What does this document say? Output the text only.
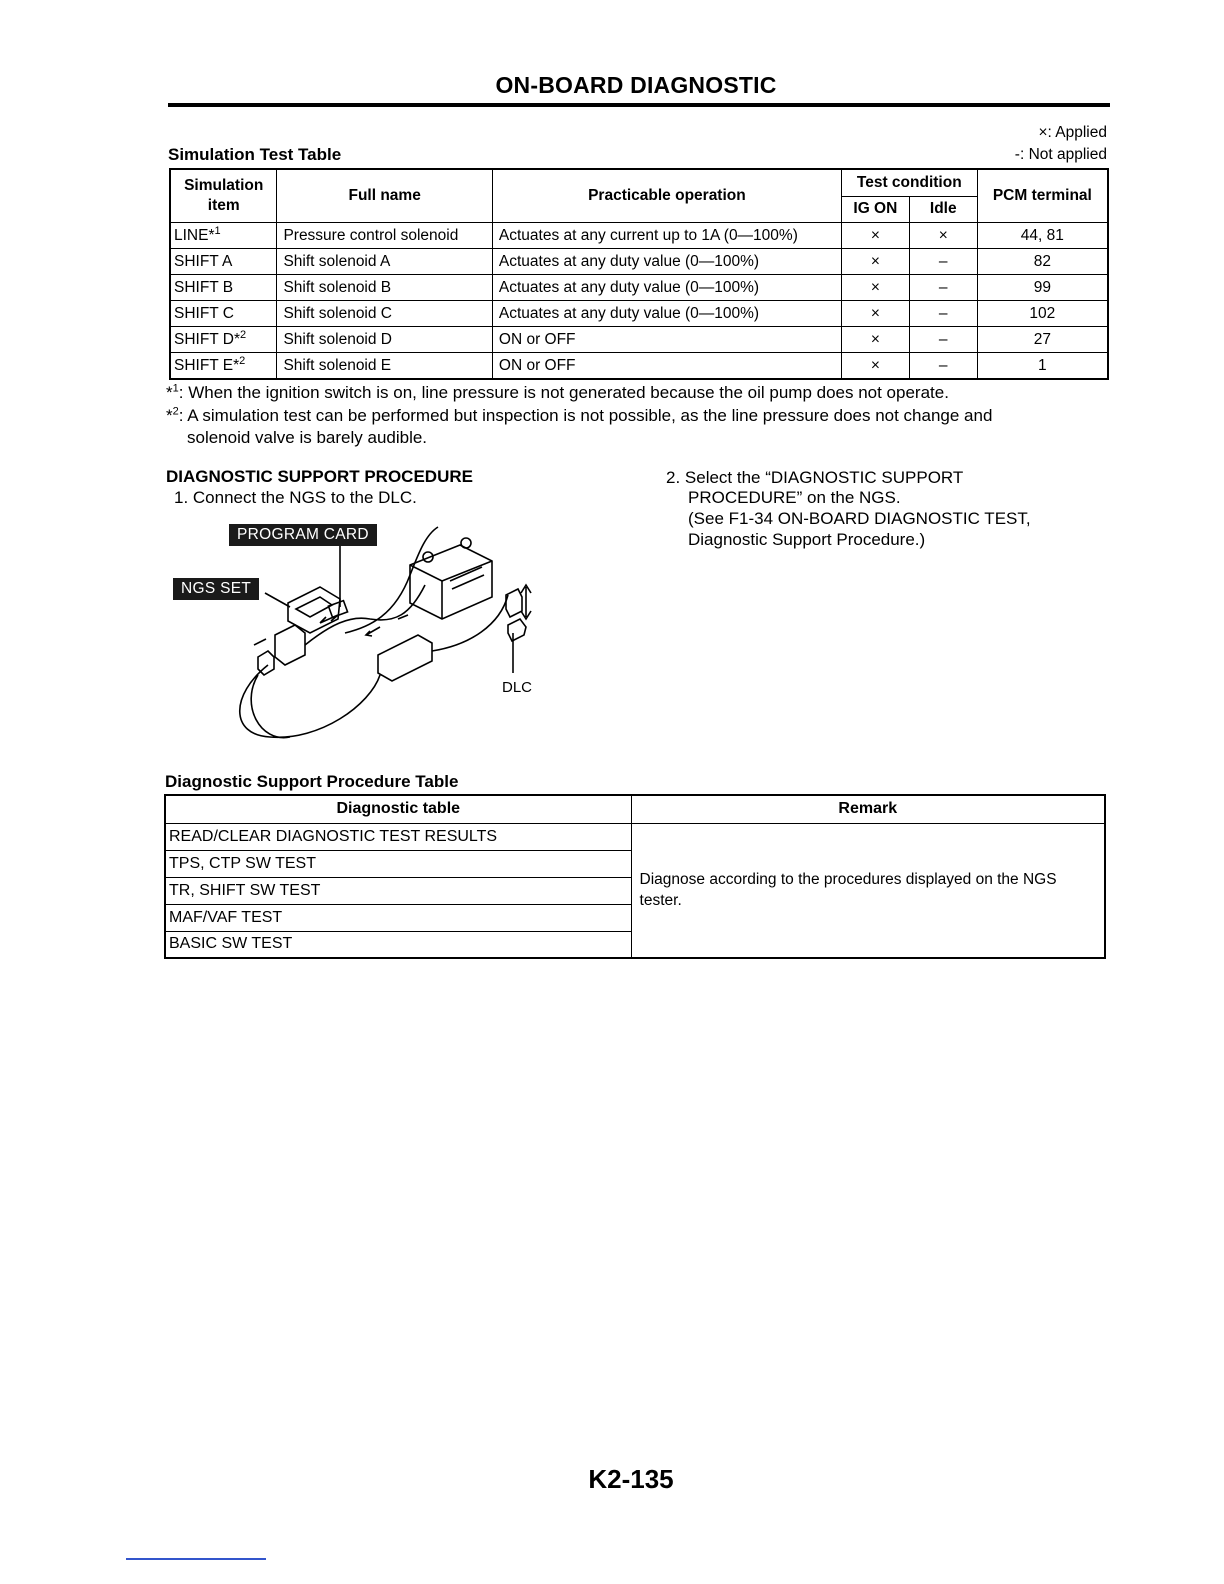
ON-BOARD DIAGNOSTIC
×: Applied
-: Not applied
Simulation Test Table
Simulation item	Full name	Practicable operation	Test condition		PCM terminal
			IG ON	Idle	
LINE*$^1$	Pressure control solenoid	Actuates at any current up to 1A (0—100%)	×	×	44, 81
SHIFT A	Shift solenoid A	Actuates at any duty value (0—100%)	×	–	82
SHIFT B	Shift solenoid B	Actuates at any duty value (0—100%)	×	–	99
SHIFT C	Shift solenoid C	Actuates at any duty value (0—100%)	×	–	102
SHIFT D*$^2$	Shift solenoid D	ON or OFF	×	–	27
SHIFT E*$^2$	Shift solenoid E	ON or OFF	×	–	1
*$^1$: When the ignition switch is on, line pressure is not generated because the oil pump does not operate.
*$^2$: A simulation test can be performed but inspection is not possible, as the line pressure does not change and
solenoid valve is barely audible.
DIAGNOSTIC SUPPORT PROCEDURE
1. Connect the NGS to the DLC.
2. Select the “DIAGNOSTIC SUPPORT
PROCEDURE” on the NGS.
(See F1-34 ON-BOARD DIAGNOSTIC TEST,
Diagnostic Support Procedure.)
PROGRAM CARD
NGS SET
DLC
Diagnostic Support Procedure Table
Diagnostic table	Remark
READ/CLEAR DIAGNOSTIC TEST RESULTS	Diagnose according to the procedures displayed on the NGS tester.
TPS, CTP SW TEST	
TR, SHIFT SW TEST	
MAF/VAF TEST	
BASIC SW TEST	
K2-135
